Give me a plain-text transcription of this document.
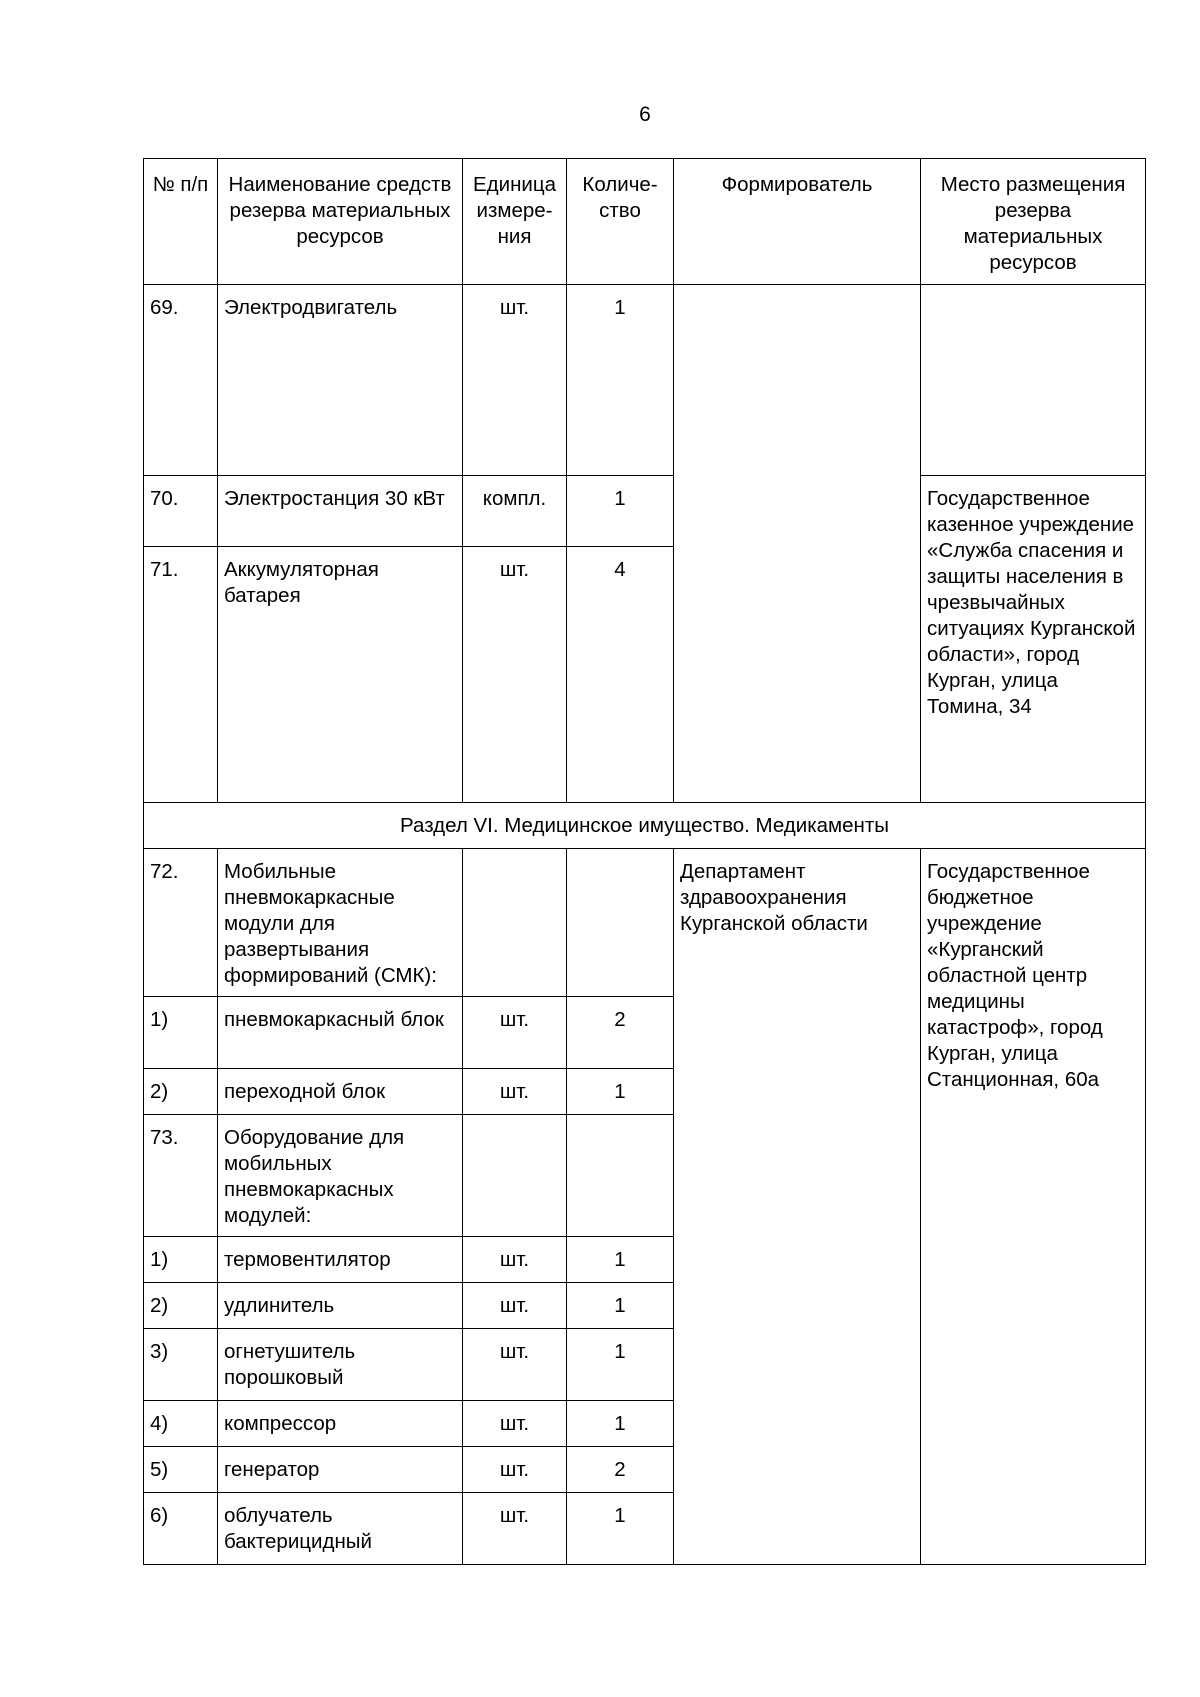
6
№ п/п	Наименование средств резерва материальных ресурсов	Единица измере-ния	Количе-ство	Формирователь	Место размещения резерва материальных ресурсов
69.	Электродвигатель	шт.	1		
70.	Электростанция 30 кВт	компл.	1		Государственное казенное учреждение «Служба спасения и защиты населения в чрезвычайных ситуациях Курганской области», город Курган, улица Томина, 34
71.	Аккумуляторная батарея	шт.	4		
Раздел VI. Медицинское имущество. Медикаменты					
72.	Мобильные пневмокаркасные модули для развертывания формирований (СМК):			Департамент здравоохранения Курганской области	Государственное бюджетное учреждение «Курганский областной центр медицины катастроф», город Курган, улица Станционная, 60а
1)	пневмокаркасный блок	шт.	2		
2)	переходной блок	шт.	1		
73.	Оборудование для мобильных пневмокаркасных модулей:				
1)	термовентилятор	шт.	1		
2)	удлинитель	шт.	1		
3)	огнетушитель порошковый	шт.	1		
4)	компрессор	шт.	1		
5)	генератор	шт.	2		
6)	облучатель бактерицидный	шт.	1		
